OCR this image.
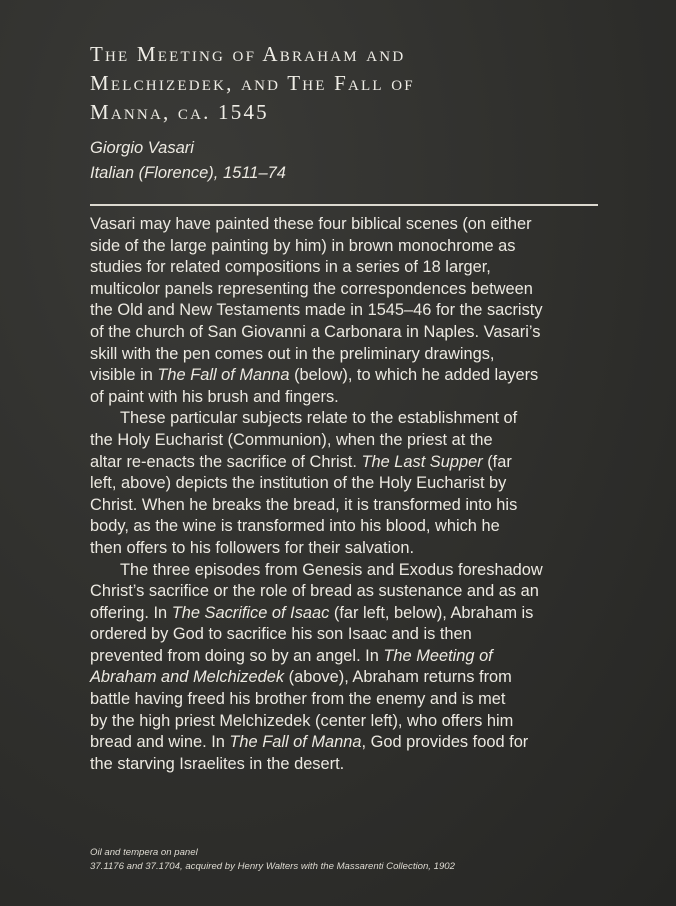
The Meeting of Abraham and
Melchizedek, and The Fall of
Manna, ca. 1545
Giorgio Vasari
Italian (Florence), 1511–74
Vasari may have painted these four biblical scenes (on either
side of the large painting by him) in brown monochrome as
studies for related compositions in a series of 18 larger,
multicolor panels representing the correspondences between
the Old and New Testaments made in 1545–46 for the sacristy
of the church of San Giovanni a Carbonara in Naples. Vasari’s
skill with the pen comes out in the preliminary drawings,
visible in The Fall of Manna (below), to which he added layers
of paint with his brush and fingers.
These particular subjects relate to the establishment of
the Holy Eucharist (Communion), when the priest at the
altar re-enacts the sacrifice of Christ. The Last Supper (far
left, above) depicts the institution of the Holy Eucharist by
Christ. When he breaks the bread, it is transformed into his
body, as the wine is transformed into his blood, which he
then offers to his followers for their salvation.
The three episodes from Genesis and Exodus foreshadow
Christ’s sacrifice or the role of bread as sustenance and as an
offering. In The Sacrifice of Isaac (far left, below), Abraham is
ordered by God to sacrifice his son Isaac and is then
prevented from doing so by an angel. In The Meeting of
Abraham and Melchizedek (above), Abraham returns from
battle having freed his brother from the enemy and is met
by the high priest Melchizedek (center left), who offers him
bread and wine. In The Fall of Manna, God provides food for
the starving Israelites in the desert.
Oil and tempera on panel
37.1176 and 37.1704, acquired by Henry Walters with the Massarenti Collection, 1902
